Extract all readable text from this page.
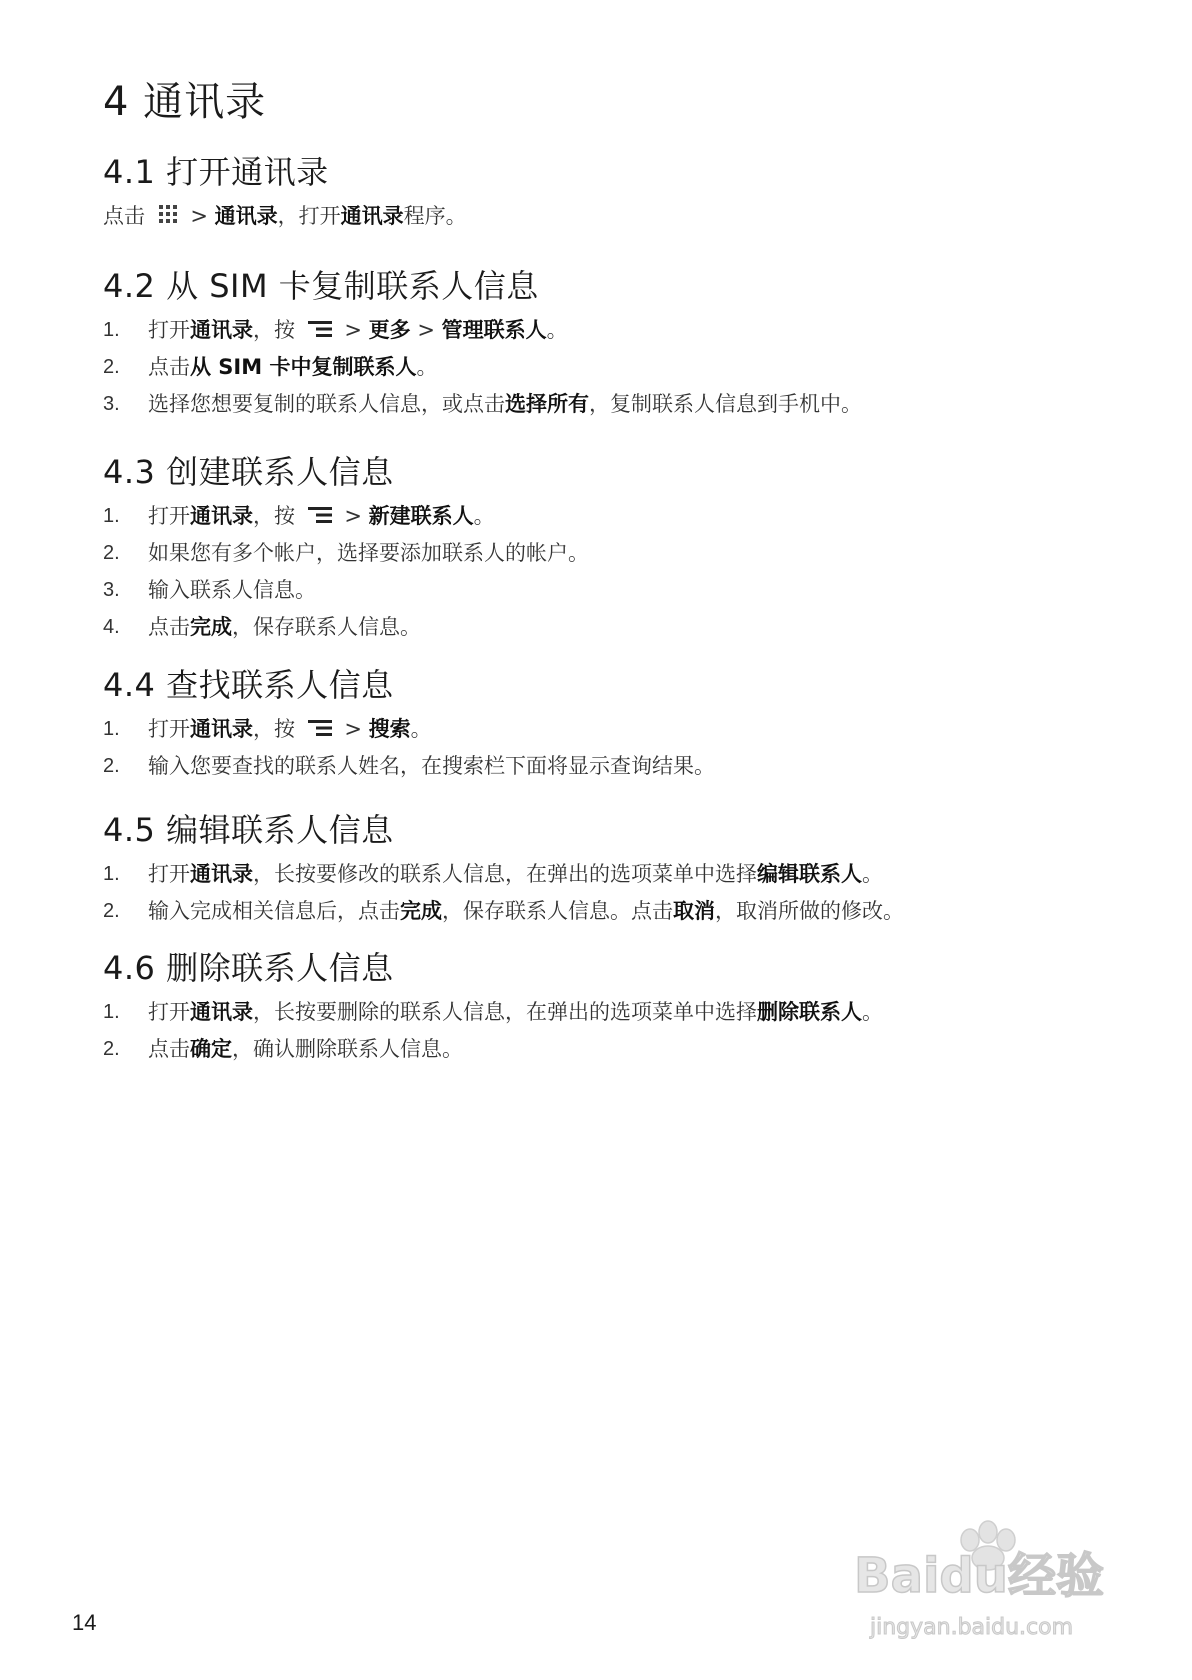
4 通讯录
4.1 打开通讯录
点击 > 通讯录，打开通讯录程序。
4.2 从 SIM 卡复制联系人信息
1. 打开通讯录，按  > 更多 > 管理联系人。
2. 点击从 SIM 卡中复制联系人。
3. 选择您想要复制的联系人信息，或点击选择所有，复制联系人信息到手机中。
4.3 创建联系人信息
1. 打开通讯录，按  > 新建联系人。
2. 如果您有多个帐户，选择要添加联系人的帐户。
3. 输入联系人信息。
4. 点击完成，保存联系人信息。
4.4 查找联系人信息
1. 打开通讯录，按  > 搜索。
2. 输入您要查找的联系人姓名，在搜索栏下面将显示查询结果。
4.5 编辑联系人信息
1. 打开通讯录，长按要修改的联系人信息，在弹出的选项菜单中选择编辑联系人。
2. 输入完成相关信息后，点击完成，保存联系人信息。点击取消，取消所做的修改。
4.6 删除联系人信息
1. 打开通讯录，长按要删除的联系人信息，在弹出的选项菜单中选择删除联系人。
2. 点击确定，确认删除联系人信息。
14
Baidu经验
jingyan.baidu.com
